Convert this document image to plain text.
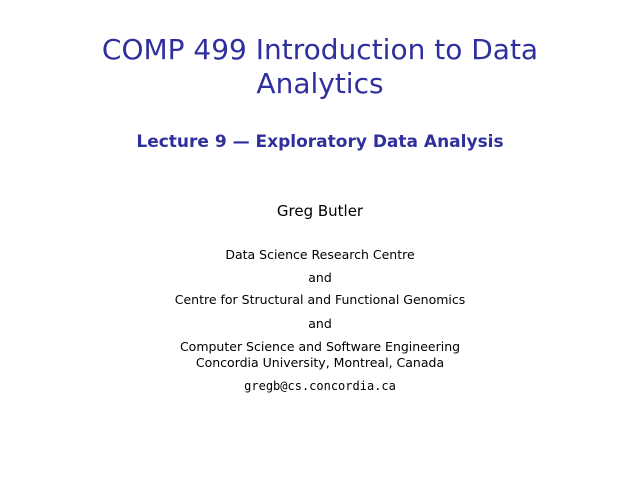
COMP 499 Introduction to Data
Analytics
Lecture 9 — Exploratory Data Analysis

Greg Butler

Data Science Research Centre

and

Centre for Structural and Functional Genomics

and

Computer Science and Software Engineering

Concordia University, Montreal, Canada

gregb@cs.concordia.ca
